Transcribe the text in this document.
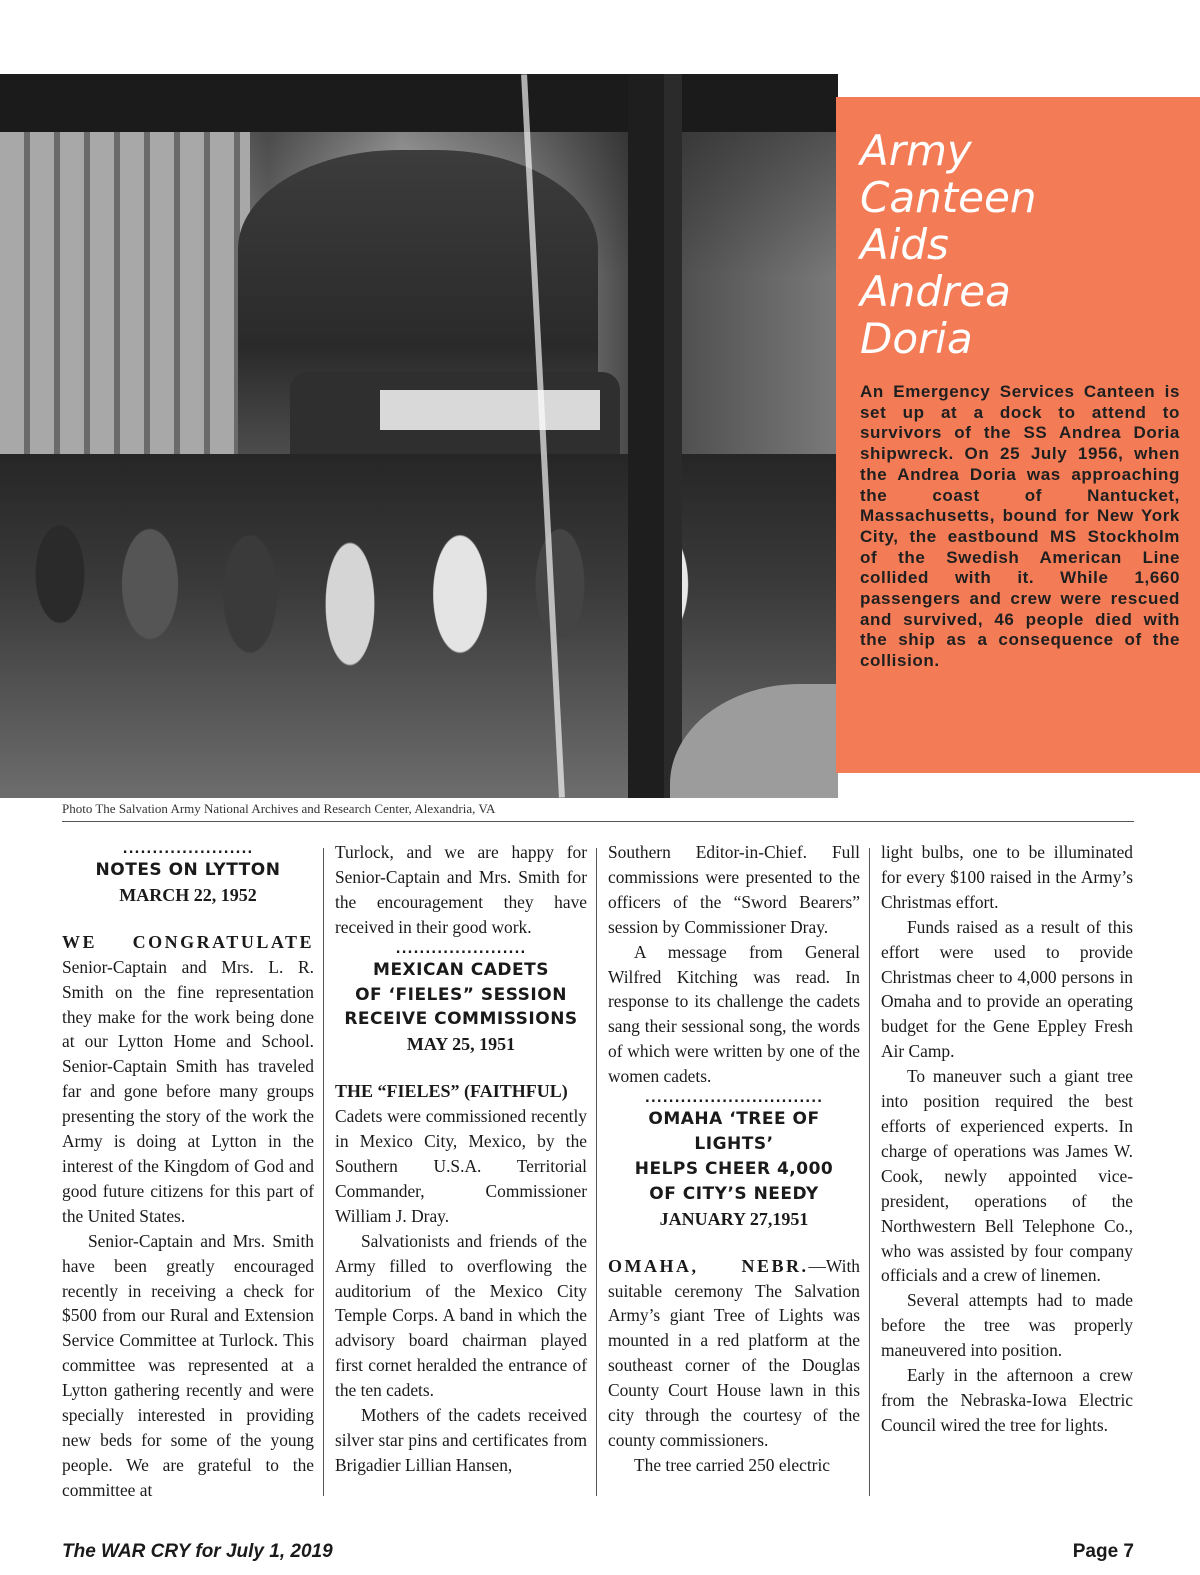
Army
Canteen
Aids
Andrea
Doria
An Emergency Services Canteen is set up at a dock to attend to survivors of the SS Andrea Doria shipwreck. On 25 July 1956, when the Andrea Doria was approaching the coast of Nantucket, Massachusetts, bound for New York City, the eastbound MS Stockholm of the Swedish American Line collided with it. While 1,660 passengers and crew were rescued and survived, 46 people died with the ship as a consequence of the collision.
Photo The Salvation Army National Archives and Research Center, Alexandria, VA
......................
NOTES ON LYTTON
MARCH 22, 1952

WE CONGRATULATE Senior-Captain and Mrs. L. R. Smith on the fine representation they make for the work being done at our Lytton Home and School. Senior-Captain Smith has traveled far and gone before many groups presenting the story of the work the Army is doing at Lytton in the interest of the Kingdom of God and good future citizens for this part of the United States.

Senior-Captain and Mrs. Smith have been greatly encouraged recently in receiving a check for $500 from our Rural and Extension Service Committee at Turlock. This committee was represented at a Lytton gathering recently and were specially interested in providing new beds for some of the young people. We are grateful to the committee at

Turlock, and we are happy for Senior-Captain and Mrs. Smith for the encouragement they have received in their good work.

......................
MEXICAN CADETS
OF ‘FIELES” SESSION
RECEIVE COMMISSIONS
MAY 25, 1951

THE “FIELES” (FAITHFUL)

Cadets were commissioned recently in Mexico City, Mexico, by the Southern U.S.A. Territorial Commander, Commissioner William J. Dray.

Salvationists and friends of the Army filled to overflowing the auditorium of the Mexico City Temple Corps. A band in which the advisory board chairman played first cornet heralded the entrance of the ten cadets.

Mothers of the cadets received silver star pins and certificates from Brigadier Lillian Hansen,

Southern Editor-in-Chief. Full commissions were presented to the officers of the “Sword Bearers” session by Commissioner Dray.

A message from General Wilfred Kitching was read. In response to its challenge the cadets sang their sessional song, the words of which were written by one of the women cadets.

..............................
OMAHA ‘TREE OF LIGHTS’
HELPS CHEER 4,000
OF CITY’S NEEDY
JANUARY 27,1951

OMAHA, NEBR.—With suitable ceremony The Salvation Army’s giant Tree of Lights was mounted in a red platform at the southeast corner of the Douglas County Court House lawn in this city through the courtesy of the county commissioners.

The tree carried 250 electric

light bulbs, one to be illuminated for every $100 raised in the Army’s Christmas effort.

Funds raised as a result of this effort were used to provide Christmas cheer to 4,000 persons in Omaha and to provide an operating budget for the Gene Eppley Fresh Air Camp.

To maneuver such a giant tree into position required the best efforts of experienced experts. In charge of operations was James W. Cook, newly appointed vice-president, operations of the Northwestern Bell Telephone Co., who was assisted by four company officials and a crew of linemen.

Several attempts had to made before the tree was properly maneuvered into position.

Early in the afternoon a crew from the Nebraska-Iowa Electric Council wired the tree for lights.

The WAR CRY for July 1, 2019	Page 7
